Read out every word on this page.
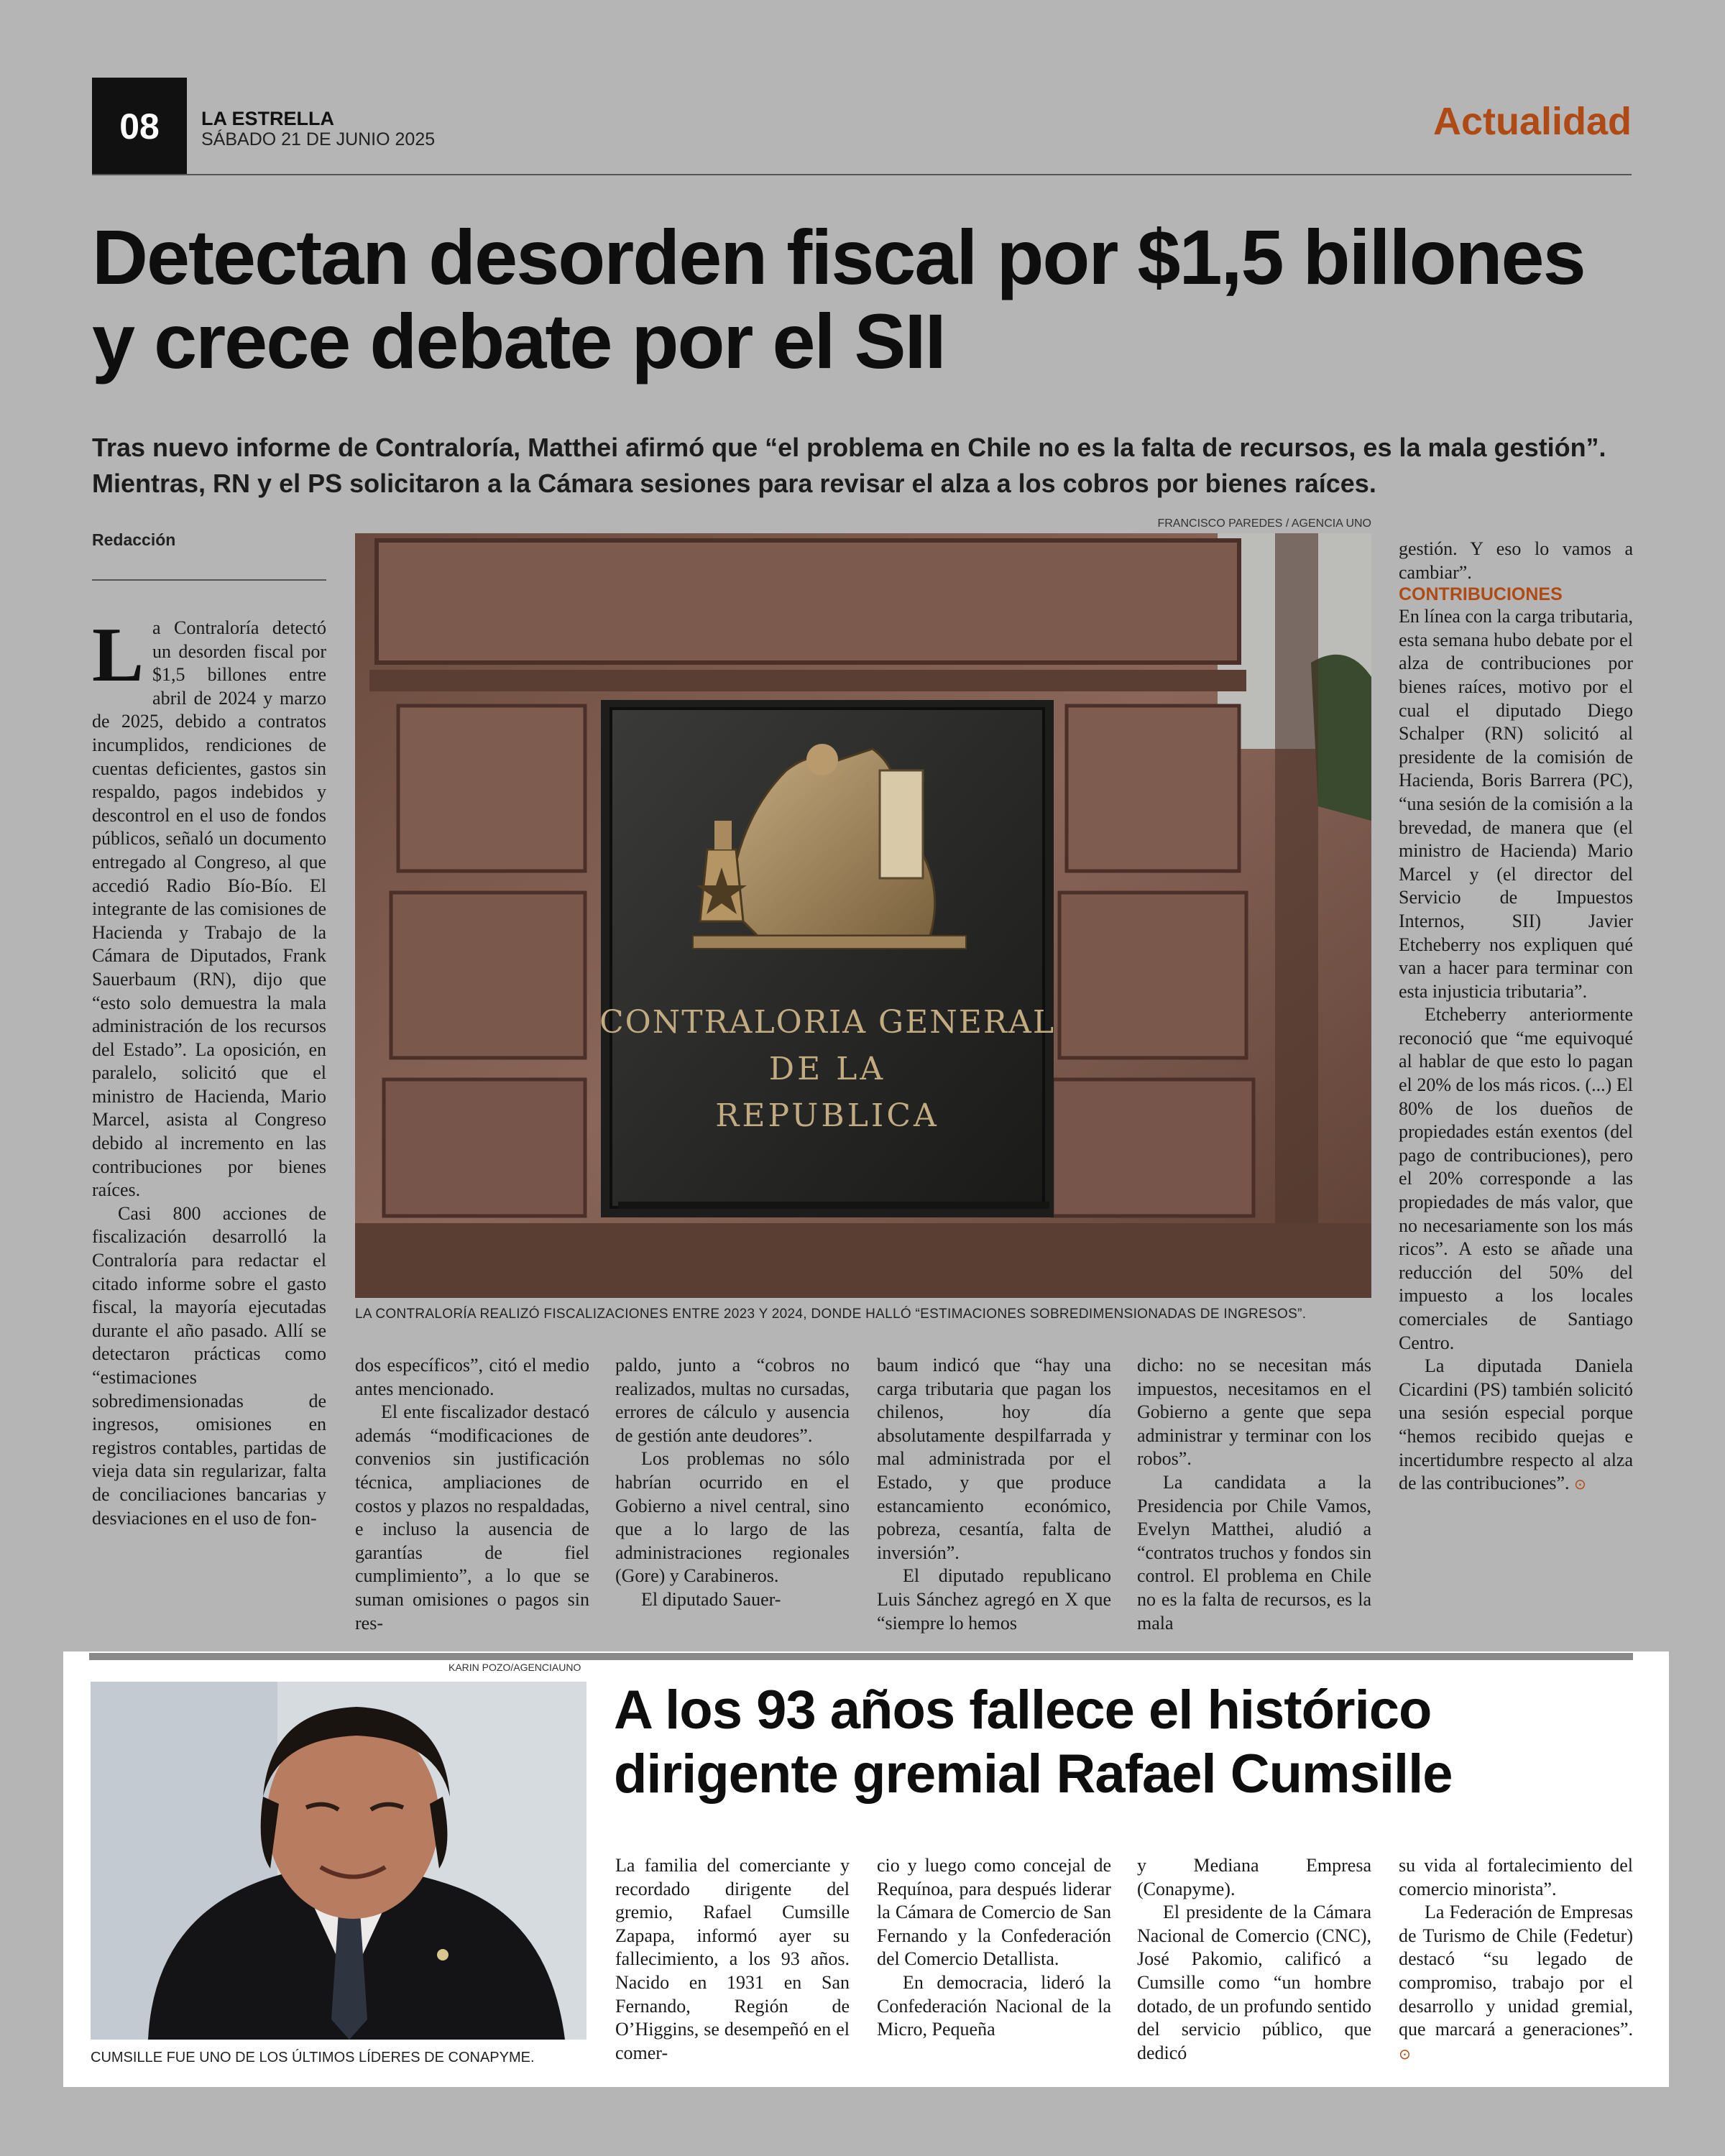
08	LA ESTRELLA
SÁBADO 21 DE JUNIO 2025	Actualidad
Detectan desorden fiscal por $1,5 billones y crece debate por el SII

Tras nuevo informe de Contraloría, Matthei afirmó que “el problema en Chile no es la falta de recursos, es la mala gestión”. Mientras, RN y el PS solicitaron a la Cámara sesiones para revisar el alza a los cobros por bienes raíces.

Redacción

La Contraloría detectó un desorden fiscal por $1,5 billones entre abril de 2024 y marzo de 2025, debido a contratos incumplidos, rendiciones de cuentas deficientes, gastos sin respaldo, pagos indebidos y descontrol en el uso de fondos públicos, señaló un documento entregado al Congreso, al que accedió Radio Bío-Bío. El integrante de las comisiones de Hacienda y Trabajo de la Cámara de Diputados, Frank Sauerbaum (RN), dijo que “esto solo demuestra la mala administración de los recursos del Estado”. La oposición, en paralelo, solicitó que el ministro de Hacienda, Mario Marcel, asista al Congreso debido al incremento en las contribuciones por bienes raíces.

Casi 800 acciones de fiscalización desarrolló la Contraloría para redactar el citado informe sobre el gasto fiscal, la mayoría ejecutadas durante el año pasado. Allí se detectaron prácticas como “estimaciones sobredimensionadas de ingresos, omisiones en registros contables, partidas de vieja data sin regularizar, falta de conciliaciones bancarias y desviaciones en el uso de fon-

FRANCISCO PAREDES / AGENCIA UNO
CONTRALORIA GENERAL
DE LA
REPUBLICA
LA CONTRALORÍA REALIZÓ FISCALIZACIONES ENTRE 2023 Y 2024, DONDE HALLÓ “ESTIMACIONES SOBREDIMENSIONADAS DE INGRESOS”.

dos específicos”, citó el medio antes mencionado.

El ente fiscalizador destacó además “modificaciones de convenios sin justificación técnica, ampliaciones de costos y plazos no respaldadas, e incluso la ausencia de garantías de fiel cumplimiento”, a lo que se suman omisiones o pagos sin res-

paldo, junto a “cobros no realizados, multas no cursadas, errores de cálculo y ausencia de gestión ante deudores”.

Los problemas no sólo habrían ocurrido en el Gobierno a nivel central, sino que a lo largo de las administraciones regionales (Gore) y Carabineros.

El diputado Sauer-

baum indicó que “hay una carga tributaria que pagan los chilenos, hoy día absolutamente despilfarrada y mal administrada por el Estado, y que produce estancamiento económico, pobreza, cesantía, falta de inversión”.

El diputado republicano Luis Sánchez agregó en X que “siempre lo hemos

dicho: no se necesitan más impuestos, necesitamos en el Gobierno a gente que sepa administrar y terminar con los robos”.

La candidata a la Presidencia por Chile Vamos, Evelyn Matthei, aludió a “contratos truchos y fondos sin control. El problema en Chile no es la falta de recursos, es la mala

gestión. Y eso lo vamos a cambiar”.

CONTRIBUCIONES

En línea con la carga tributaria, esta semana hubo debate por el alza de contribuciones por bienes raíces, motivo por el cual el diputado Diego Schalper (RN) solicitó al presidente de la comisión de Hacienda, Boris Barrera (PC), “una sesión de la comisión a la brevedad, de manera que (el ministro de Hacienda) Mario Marcel y (el director del Servicio de Impuestos Internos, SII) Javier Etcheberry nos expliquen qué van a hacer para terminar con esta injusticia tributaria”.

Etcheberry anteriormente reconoció que “me equivoqué al hablar de que esto lo pagan el 20% de los más ricos. (...) El 80% de los dueños de propiedades están exentos (del pago de contribuciones), pero el 20% corresponde a las propiedades de más valor, que no necesariamente son los más ricos”. A esto se añade una reducción del 50% del impuesto a los locales comerciales de Santiago Centro.

La diputada Daniela Cicardini (PS) también solicitó una sesión especial porque “hemos recibido quejas e incertidumbre respecto al alza de las contribuciones”. ⊙

KARIN POZO/AGENCIAUNO
CUMSILLE FUE UNO DE LOS ÚLTIMOS LÍDERES DE CONAPYME.
A los 93 años fallece el histórico dirigente gremial Rafael Cumsille

La familia del comerciante y recordado dirigente del gremio, Rafael Cumsille Zapapa, informó ayer su fallecimiento, a los 93 años. Nacido en 1931 en San Fernando, Región de O’Higgins, se desempeñó en el comer-

cio y luego como concejal de Requínoa, para después liderar la Cámara de Comercio de San Fernando y la Confederación del Comercio Detallista.

En democracia, lideró la Confederación Nacional de la Micro, Pequeña

y Mediana Empresa (Conapyme).

El presidente de la Cámara Nacional de Comercio (CNC), José Pakomio, calificó a Cumsille como “un hombre dotado, de un profundo sentido del servicio público, que dedicó

su vida al fortalecimiento del comercio minorista”.

La Federación de Empresas de Turismo de Chile (Fedetur) destacó “su legado de compromiso, trabajo por el desarrollo y unidad gremial, que marcará a generaciones”. ⊙
